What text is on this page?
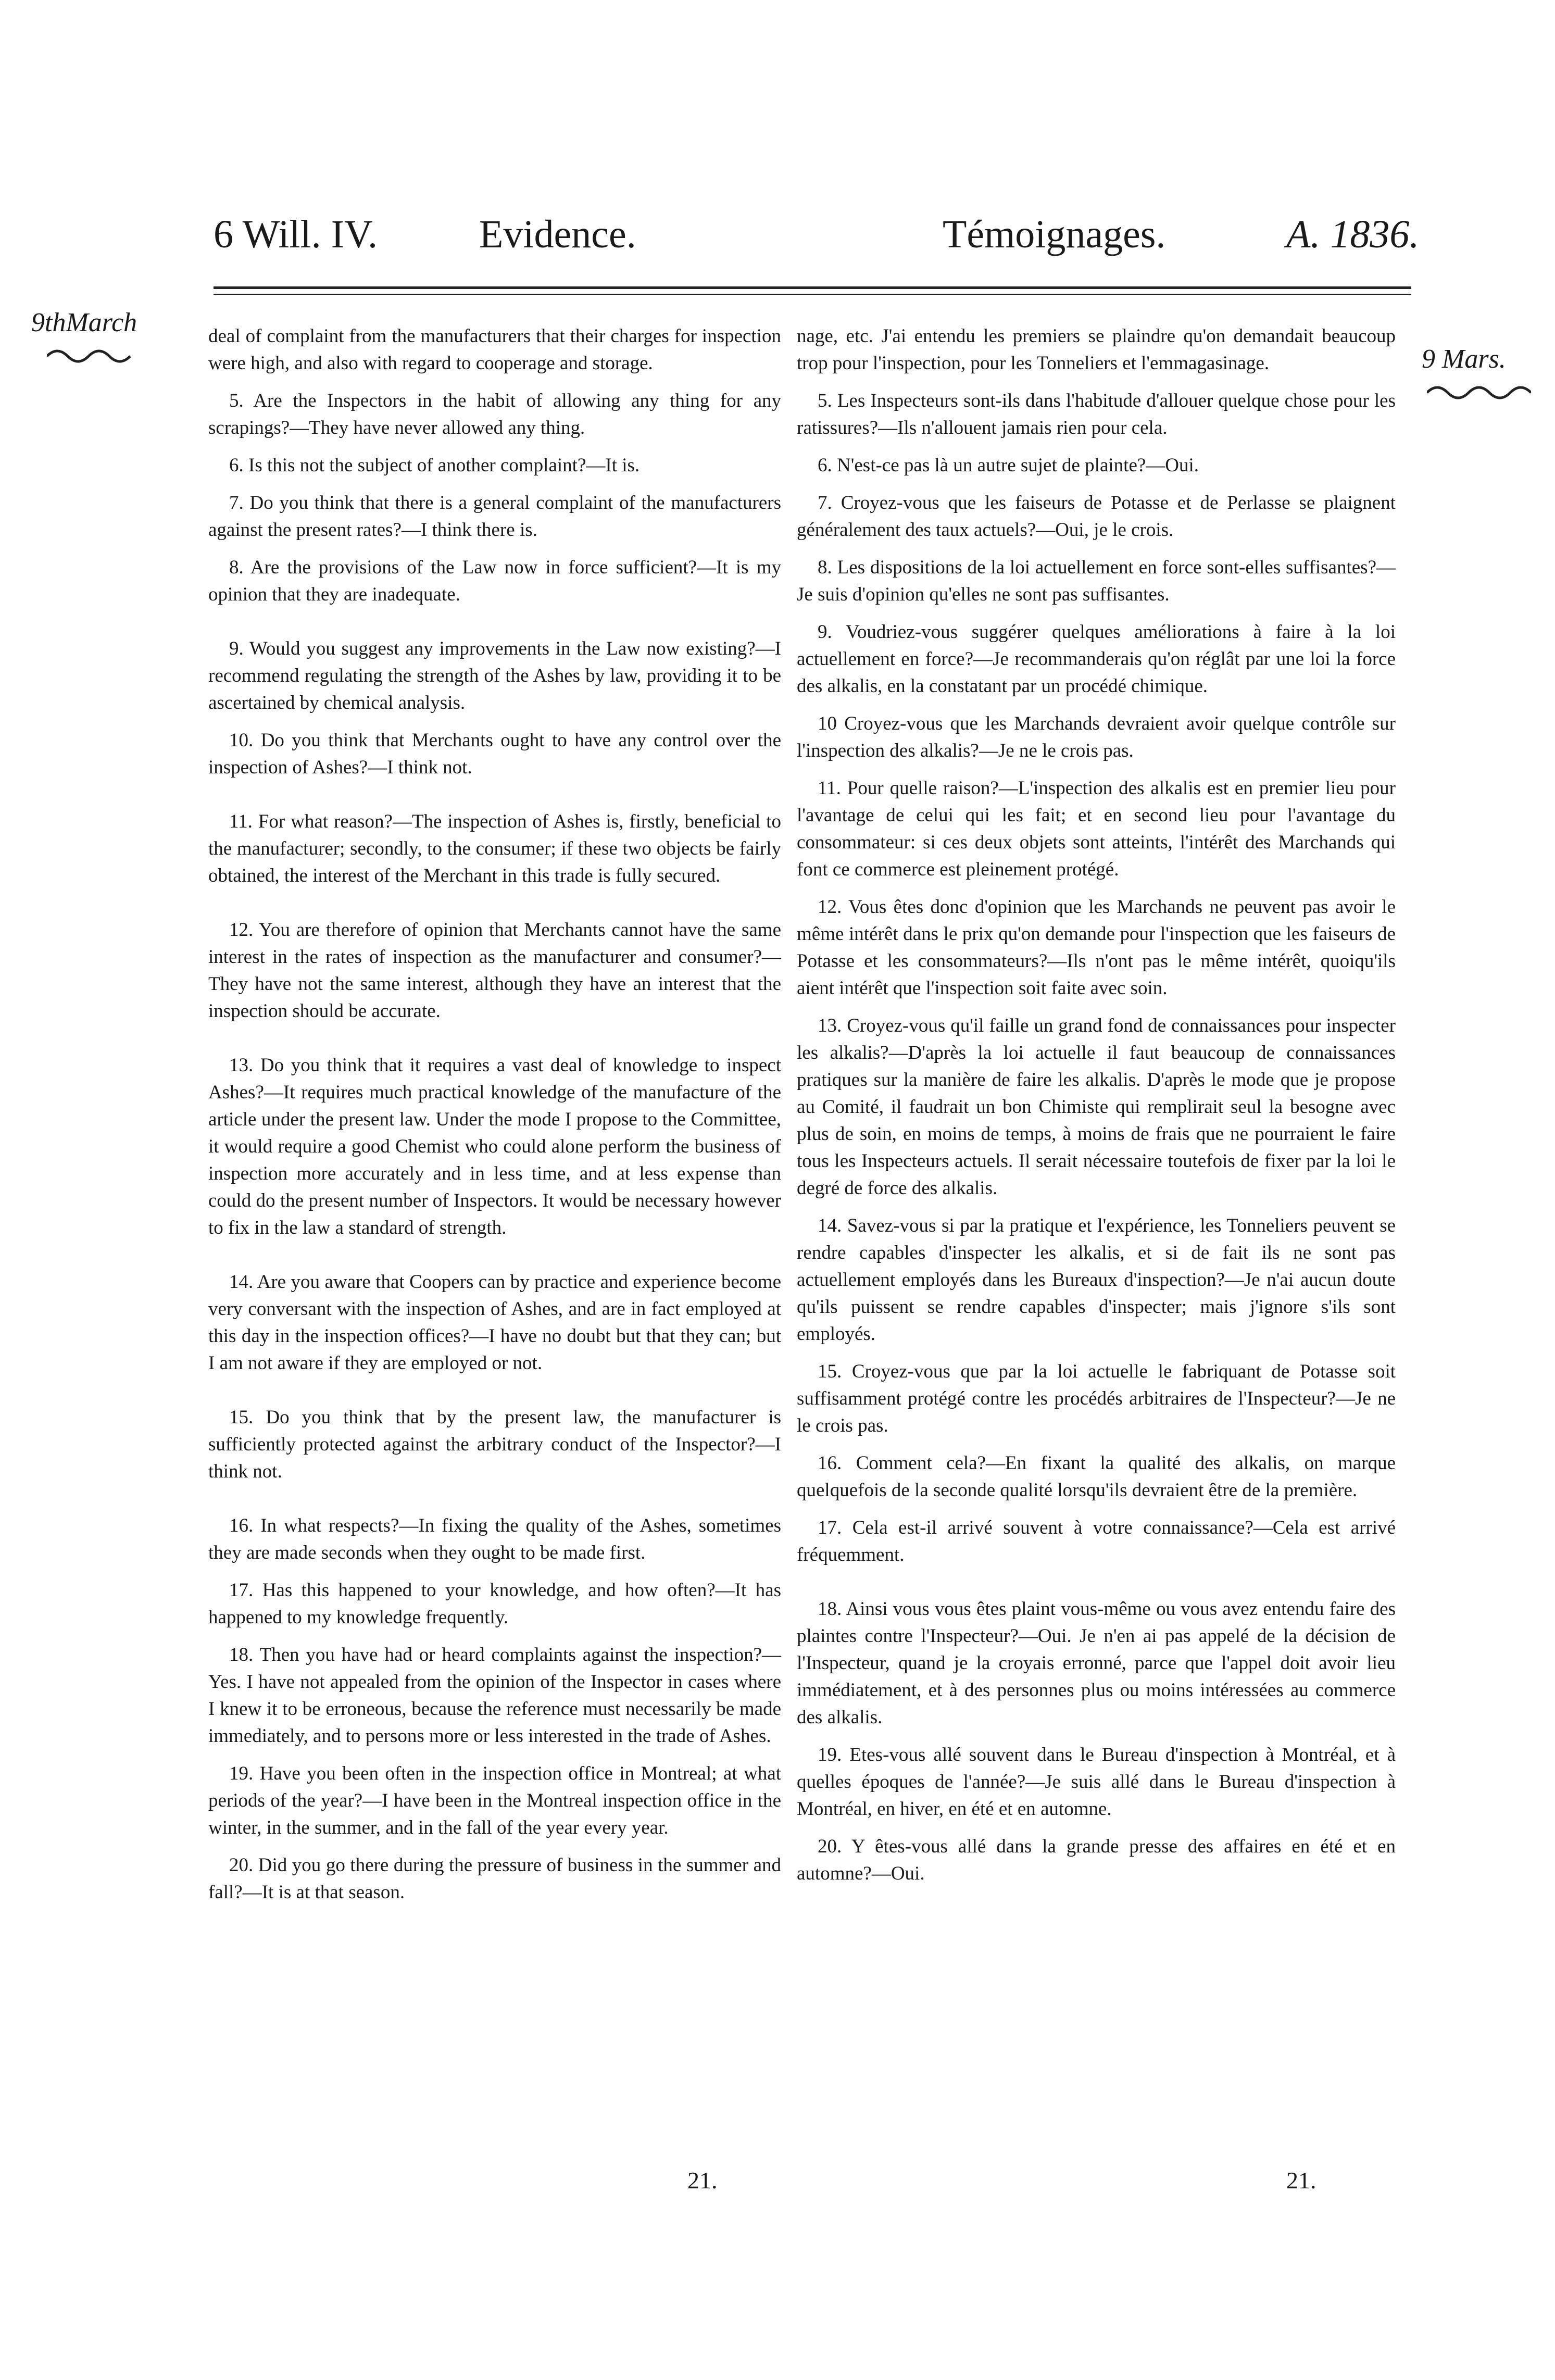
6 Will. IV.	Evidence.	Témoignages.	A. 1836.
9thMarch
9 Mars.

deal of complaint from the manufacturers that their charges for inspection were high, and also with regard to cooperage and storage.

5. Are the Inspectors in the habit of allowing any thing for any scrapings?—They have never allowed any thing.

6. Is this not the subject of another complaint?—It is.

7. Do you think that there is a general complaint of the manufacturers against the present rates?—I think there is.

8. Are the provisions of the Law now in force sufficient?—It is my opinion that they are inadequate.

9. Would you suggest any improvements in the Law now existing?—I recommend regulating the strength of the Ashes by law, providing it to be ascertained by chemical analysis.

10. Do you think that Merchants ought to have any control over the inspection of Ashes?—I think not.

11. For what reason?—The inspection of Ashes is, firstly, beneficial to the manufacturer; secondly, to the consumer; if these two objects be fairly obtained, the interest of the Merchant in this trade is fully secured.

12. You are therefore of opinion that Merchants cannot have the same interest in the rates of inspection as the manufacturer and consumer?—They have not the same interest, although they have an interest that the inspection should be accurate.

13. Do you think that it requires a vast deal of knowledge to inspect Ashes?—It requires much practical knowledge of the manufacture of the article under the present law. Under the mode I propose to the Committee, it would require a good Chemist who could alone perform the business of inspection more accurately and in less time, and at less expense than could do the present number of Inspectors. It would be necessary however to fix in the law a standard of strength.

14. Are you aware that Coopers can by practice and experience become very conversant with the inspection of Ashes, and are in fact employed at this day in the inspection offices?—I have no doubt but that they can; but I am not aware if they are employed or not.

15. Do you think that by the present law, the manufacturer is sufficiently protected against the arbitrary conduct of the Inspector?—I think not.

16. In what respects?—In fixing the quality of the Ashes, sometimes they are made seconds when they ought to be made first.

17. Has this happened to your knowledge, and how often?—It has happened to my knowledge frequently.

18. Then you have had or heard complaints against the inspection?—Yes. I have not appealed from the opinion of the Inspector in cases where I knew it to be erroneous, because the reference must necessarily be made immediately, and to persons more or less interested in the trade of Ashes.

19. Have you been often in the inspection office in Montreal; at what periods of the year?—I have been in the Montreal inspection office in the winter, in the summer, and in the fall of the year every year.

20. Did you go there during the pressure of business in the summer and fall?—It is at that season.

nage, etc. J'ai entendu les premiers se plaindre qu'on demandait beaucoup trop pour l'inspection, pour les Tonneliers et l'emmagasinage.

5. Les Inspecteurs sont-ils dans l'habitude d'allouer quelque chose pour les ratissures?—Ils n'allouent jamais rien pour cela.

6. N'est-ce pas là un autre sujet de plainte?—Oui.

7. Croyez-vous que les faiseurs de Potasse et de Perlasse se plaignent généralement des taux actuels?—Oui, je le crois.

8. Les dispositions de la loi actuellement en force sont-elles suffisantes?—Je suis d'opinion qu'elles ne sont pas suffisantes.

9. Voudriez-vous suggérer quelques améliorations à faire à la loi actuellement en force?—Je recommanderais qu'on réglât par une loi la force des alkalis, en la constatant par un procédé chimique.

10 Croyez-vous que les Marchands devraient avoir quelque contrôle sur l'inspection des alkalis?—Je ne le crois pas.

11. Pour quelle raison?—L'inspection des alkalis est en premier lieu pour l'avantage de celui qui les fait; et en second lieu pour l'avantage du consommateur: si ces deux objets sont atteints, l'intérêt des Marchands qui font ce commerce est pleinement protégé.

12. Vous êtes donc d'opinion que les Marchands ne peuvent pas avoir le même intérêt dans le prix qu'on demande pour l'inspection que les faiseurs de Potasse et les consommateurs?—Ils n'ont pas le même intérêt, quoiqu'ils aient intérêt que l'inspection soit faite avec soin.

13. Croyez-vous qu'il faille un grand fond de connaissances pour inspecter les alkalis?—D'après la loi actuelle il faut beaucoup de connaissances pratiques sur la manière de faire les alkalis. D'après le mode que je propose au Comité, il faudrait un bon Chimiste qui remplirait seul la besogne avec plus de soin, en moins de temps, à moins de frais que ne pourraient le faire tous les Inspecteurs actuels. Il serait nécessaire toutefois de fixer par la loi le degré de force des alkalis.

14. Savez-vous si par la pratique et l'expérience, les Tonneliers peuvent se rendre capables d'inspecter les alkalis, et si de fait ils ne sont pas actuellement employés dans les Bureaux d'inspection?—Je n'ai aucun doute qu'ils puissent se rendre capables d'inspecter; mais j'ignore s'ils sont employés.

15. Croyez-vous que par la loi actuelle le fabriquant de Potasse soit suffisamment protégé contre les procédés arbitraires de l'Inspecteur?—Je ne le crois pas.

16. Comment cela?—En fixant la qualité des alkalis, on marque quelquefois de la seconde qualité lorsqu'ils devraient être de la première.

17. Cela est-il arrivé souvent à votre connaissance?—Cela est arrivé fréquemment.

18. Ainsi vous vous êtes plaint vous-même ou vous avez entendu faire des plaintes contre l'Inspecteur?—Oui. Je n'en ai pas appelé de la décision de l'Inspecteur, quand je la croyais erronné, parce que l'appel doit avoir lieu immédiatement, et à des personnes plus ou moins intéressées au commerce des alkalis.

19. Etes-vous allé souvent dans le Bureau d'inspection à Montréal, et à quelles époques de l'année?—Je suis allé dans le Bureau d'inspection à Montréal, en hiver, en été et en automne.

20. Y êtes-vous allé dans la grande presse des affaires en été et en automne?—Oui.

21.	21.
